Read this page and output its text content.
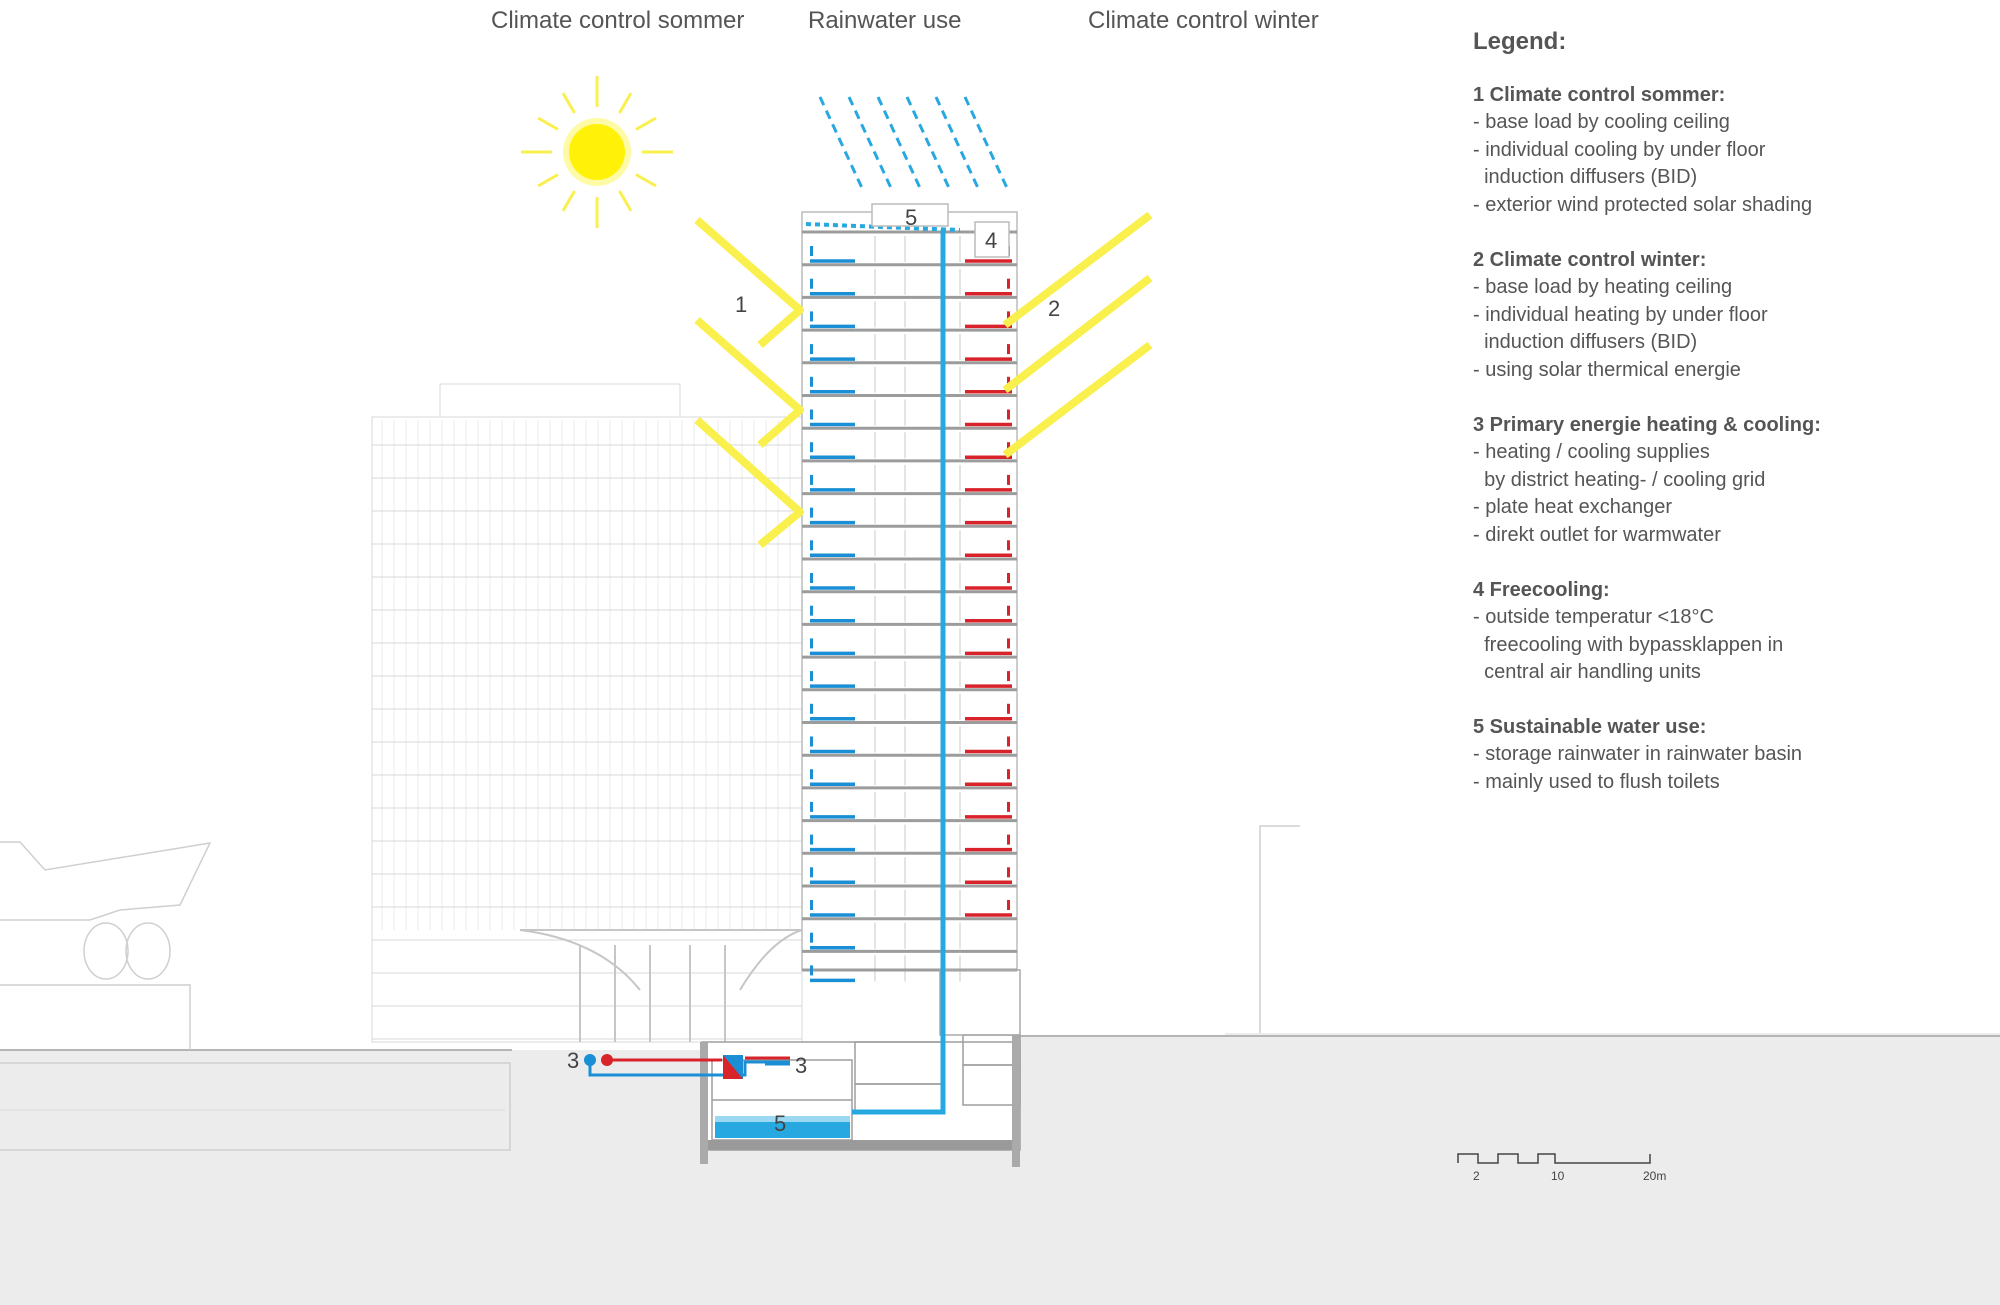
Climate control sommer	Rainwater use	Climate control winter
1	2
4
5
5
3	3
2	10	20m
Legend:
1 Climate control sommer:
- base load by cooling ceiling
- individual cooling by under floor
induction diffusers (BID)
- exterior wind protected solar shading
2 Climate control winter:
- base load by heating ceiling
- individual heating by under floor
induction diffusers (BID)
- using solar thermical energie
3 Primary energie heating & cooling:
- heating / cooling supplies
by district heating- / cooling grid
- plate heat exchanger
- direkt outlet for warmwater
4 Freecooling:
- outside temperatur <18°C
freecooling with bypassklappen in
central air handling units
5 Sustainable water use:
- storage rainwater in rainwater basin
- mainly used to flush toilets
